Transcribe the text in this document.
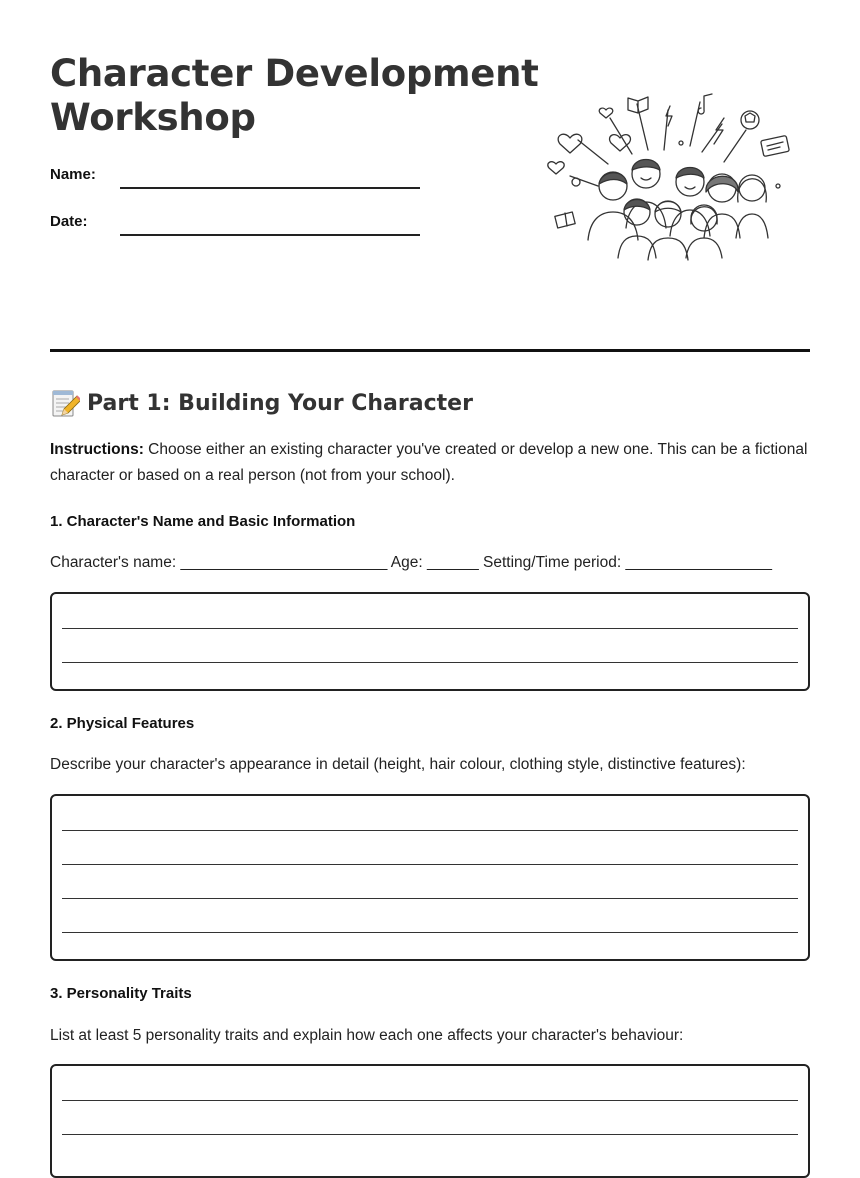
Character Development
Workshop
Name:
Date:
Part 1: Building Your Character

Instructions: Choose either an existing character you've created or develop a new one. This can be a fictional character or based on a real person (not from your school).

1. Character's Name and Basic Information

Character's name: ________________________ Age: ______ Setting/Time period: _________________

2. Physical Features

Describe your character's appearance in detail (height, hair colour, clothing style, distinctive features):

3. Personality Traits

List at least 5 personality traits and explain how each one affects your character's behaviour:
